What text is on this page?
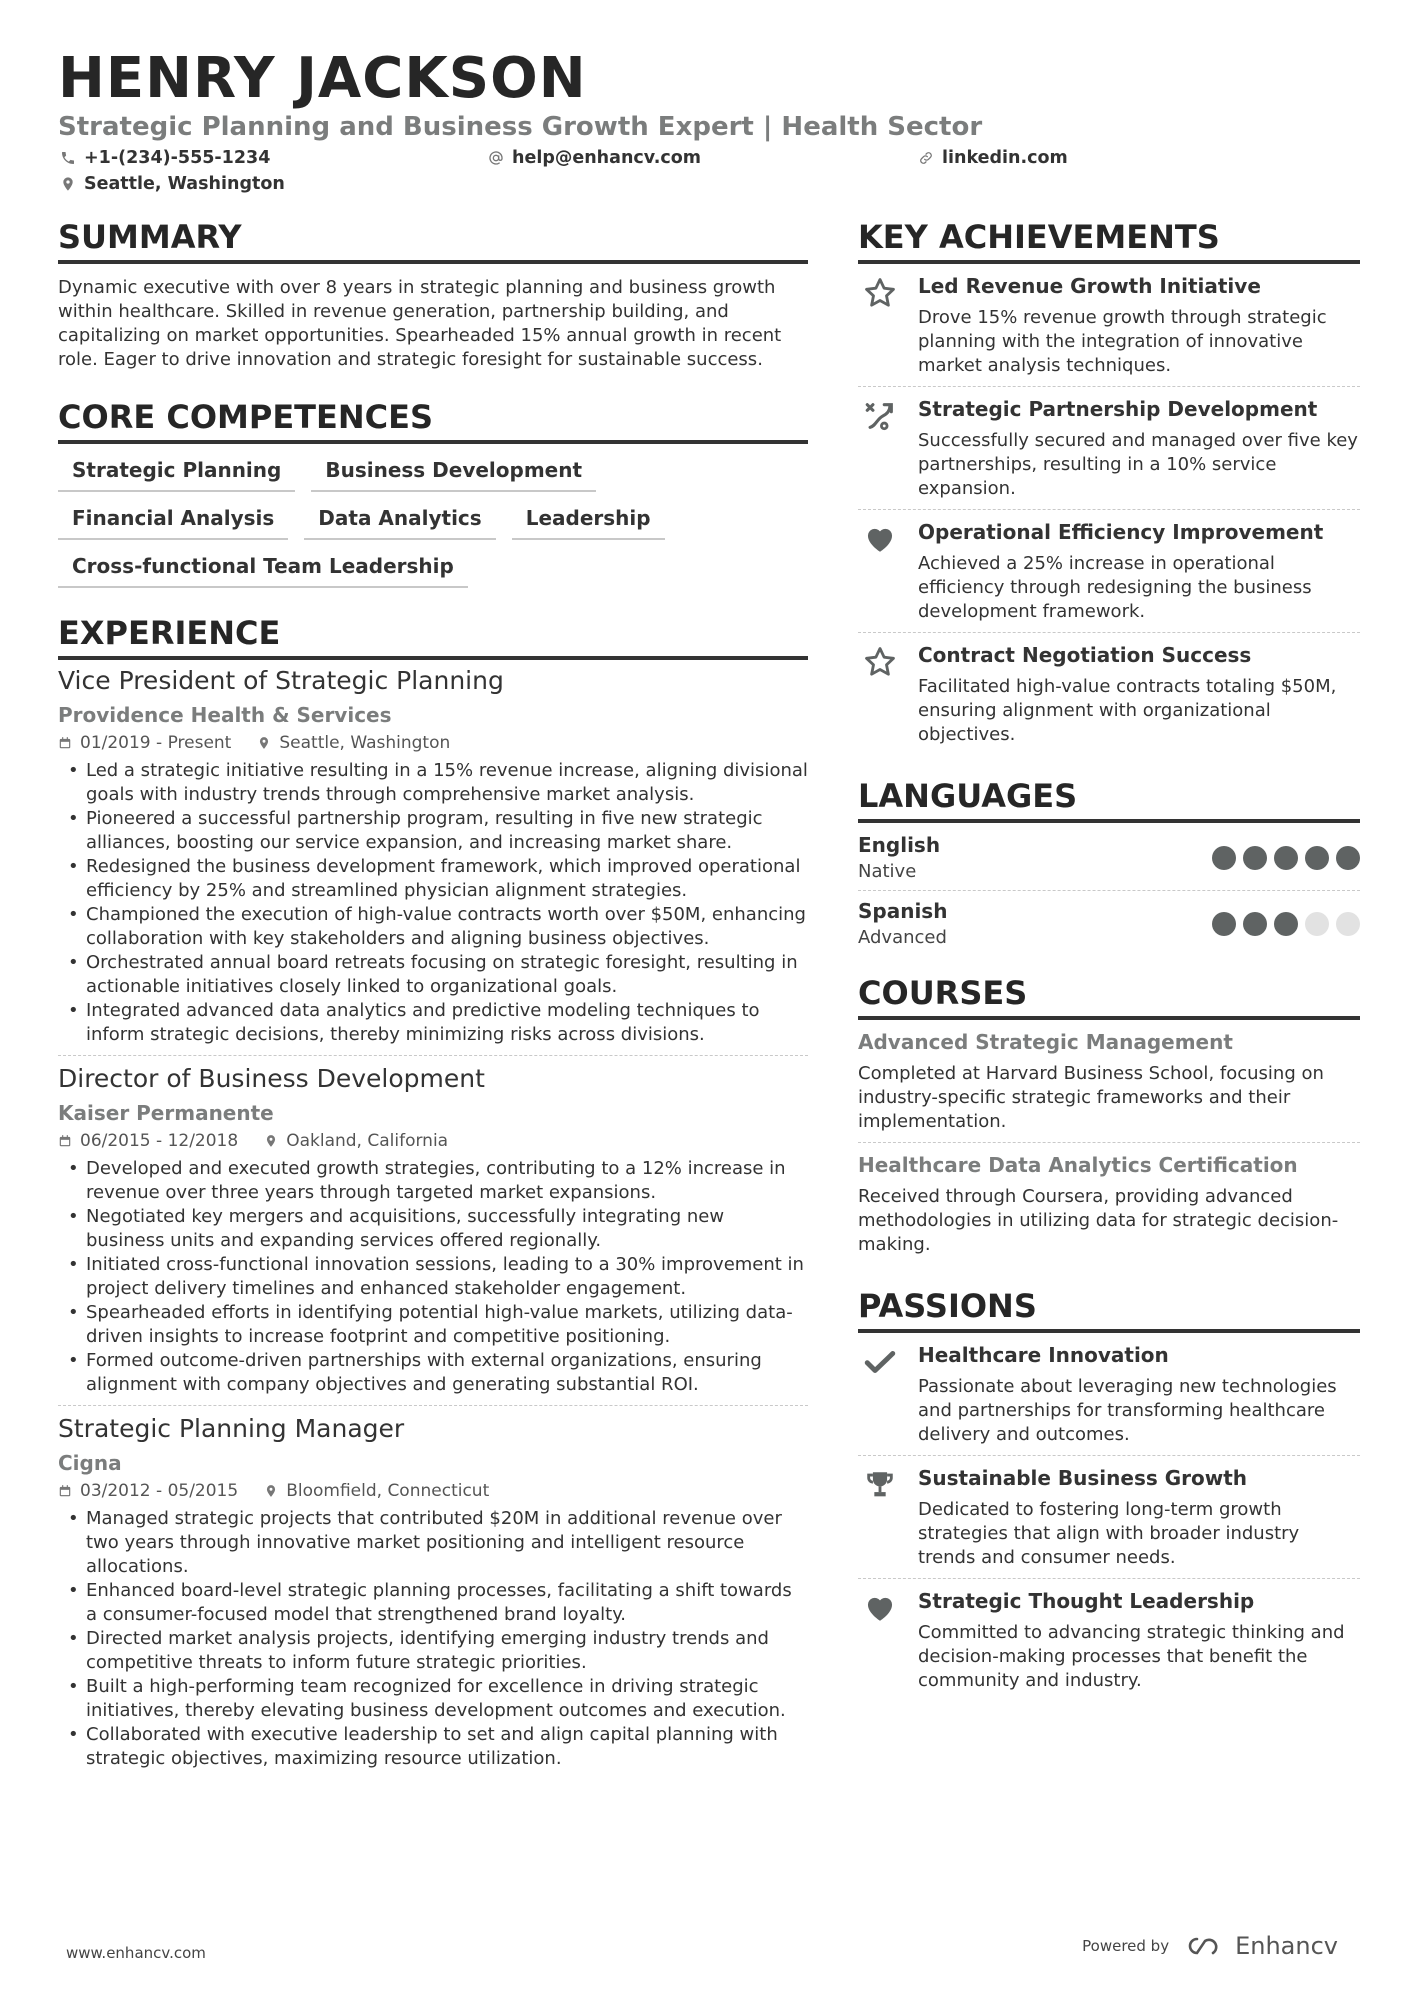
HENRY JACKSON
Strategic Planning and Business Growth Expert | Health Sector
+1-(234)-555-1234	help@enhancv.com	linkedin.com
Seattle, Washington
SUMMARY

Dynamic executive with over 8 years in strategic planning and business growth within healthcare. Skilled in revenue generation, partnership building, and capitalizing on market opportunities. Spearheaded 15% annual growth in recent role. Eager to drive innovation and strategic foresight for sustainable success.

CORE COMPETENCES
Strategic Planning	Business Development
Financial Analysis	Data Analytics	Leadership
Cross-functional Team Leadership
EXPERIENCE
Vice President of Strategic Planning
Providence Health & Services
01/2019 - Present	Seattle, Washington
• Led a strategic initiative resulting in a 15% revenue increase, aligning divisional goals with industry trends through comprehensive market analysis.
• Pioneered a successful partnership program, resulting in five new strategic alliances, boosting our service expansion, and increasing market share.
• Redesigned the business development framework, which improved operational efficiency by 25% and streamlined physician alignment strategies.
• Championed the execution of high-value contracts worth over $50M, enhancing collaboration with key stakeholders and aligning business objectives.
• Orchestrated annual board retreats focusing on strategic foresight, resulting in actionable initiatives closely linked to organizational goals.
• Integrated advanced data analytics and predictive modeling techniques to inform strategic decisions, thereby minimizing risks across divisions.
Director of Business Development
Kaiser Permanente
06/2015 - 12/2018	Oakland, California
• Developed and executed growth strategies, contributing to a 12% increase in revenue over three years through targeted market expansions.
• Negotiated key mergers and acquisitions, successfully integrating new business units and expanding services offered regionally.
• Initiated cross-functional innovation sessions, leading to a 30% improvement in project delivery timelines and enhanced stakeholder engagement.
• Spearheaded efforts in identifying potential high-value markets, utilizing data-driven insights to increase footprint and competitive positioning.
• Formed outcome-driven partnerships with external organizations, ensuring alignment with company objectives and generating substantial ROI.
Strategic Planning Manager
Cigna
03/2012 - 05/2015	Bloomfield, Connecticut
• Managed strategic projects that contributed $20M in additional revenue over two years through innovative market positioning and intelligent resource allocations.
• Enhanced board-level strategic planning processes, facilitating a shift towards a consumer-focused model that strengthened brand loyalty.
• Directed market analysis projects, identifying emerging industry trends and competitive threats to inform future strategic priorities.
• Built a high-performing team recognized for excellence in driving strategic initiatives, thereby elevating business development outcomes and execution.
• Collaborated with executive leadership to set and align capital planning with strategic objectives, maximizing resource utilization.
KEY ACHIEVEMENTS
Led Revenue Growth Initiative
Drove 15% revenue growth through strategic planning with the integration of innovative market analysis techniques.
Strategic Partnership Development
Successfully secured and managed over five key partnerships, resulting in a 10% service expansion.
Operational Efficiency Improvement
Achieved a 25% increase in operational efficiency through redesigning the business development framework.
Contract Negotiation Success
Facilitated high-value contracts totaling $50M, ensuring alignment with organizational objectives.
LANGUAGES
English
Native
Spanish
Advanced
COURSES
Advanced Strategic Management
Completed at Harvard Business School, focusing on industry-specific strategic frameworks and their implementation.
Healthcare Data Analytics Certification
Received through Coursera, providing advanced methodologies in utilizing data for strategic decision-making.
PASSIONS
Healthcare Innovation
Passionate about leveraging new technologies and partnerships for transforming healthcare delivery and outcomes.
Sustainable Business Growth
Dedicated to fostering long-term growth strategies that align with broader industry trends and consumer needs.
Strategic Thought Leadership
Committed to advancing strategic thinking and decision-making processes that benefit the community and industry.
www.enhancv.com	Powered by	Enhancv
